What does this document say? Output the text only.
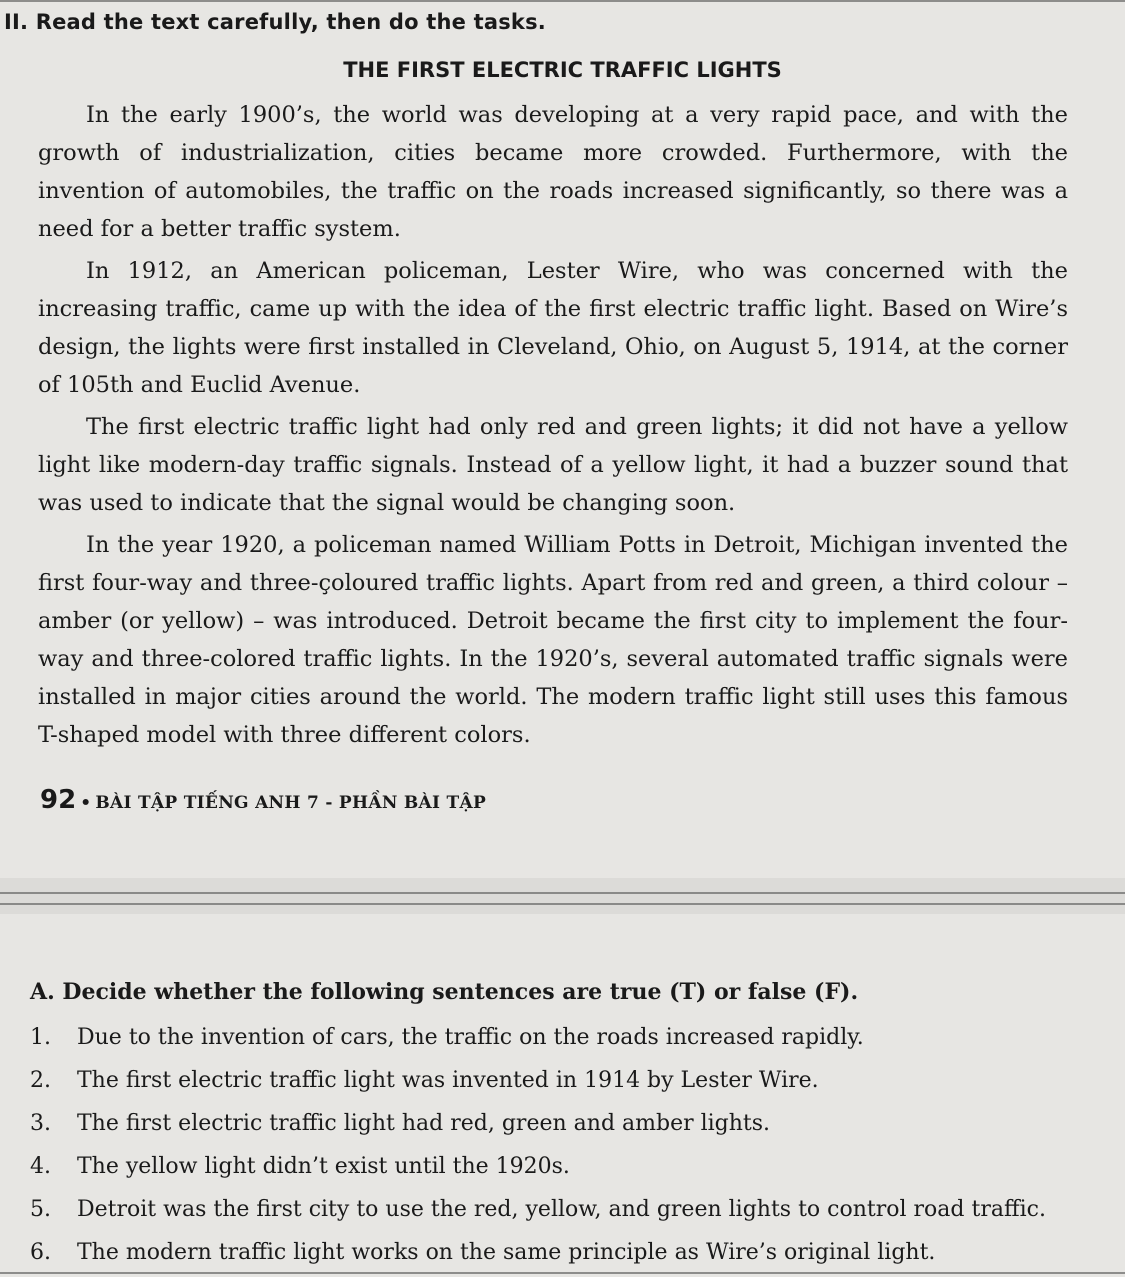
II. Read the text carefully, then do the tasks.
THE FIRST ELECTRIC TRAFFIC LIGHTS

In the early 1900’s, the world was developing at a very rapid pace, and with the growth of industrialization, cities became more crowded. Furthermore, with the invention of automobiles, the traffic on the roads increased significantly, so there was a need for a better traffic system.

In 1912, an American policeman, Lester Wire, who was concerned with the increasing traffic, came up with the idea of the first electric traffic light. Based on Wire’s design, the lights were first installed in Cleveland, Ohio, on August 5, 1914, at the corner of 105th and Euclid Avenue.

The first electric traffic light had only red and green lights; it did not have a yellow light like modern-day traffic signals. Instead of a yellow light, it had a buzzer sound that was used to indicate that the signal would be changing soon.

In the year 1920, a policeman named William Potts in Detroit, Michigan invented the first four-way and three-çoloured traffic lights. Apart from red and green, a third colour – amber (or yellow) – was introduced. Detroit became the first city to implement the four-way and three-colored traffic lights. In the 1920’s, several automated traffic signals were installed in major cities around the world. The modern traffic light still uses this famous T-shaped model with three different colors.

92 • BÀI TẬP TIẾNG ANH 7 - PHẦN BÀI TẬP
A. Decide whether the following sentences are true (T) or false (F).
1. Due to the invention of cars, the traffic on the roads increased rapidly.
2. The first electric traffic light was invented in 1914 by Lester Wire.
3. The first electric traffic light had red, green and amber lights.
4. The yellow light didn’t exist until the 1920s.
5. Detroit was the first city to use the red, yellow, and green lights to control road traffic.
6. The modern traffic light works on the same principle as Wire’s original light.
